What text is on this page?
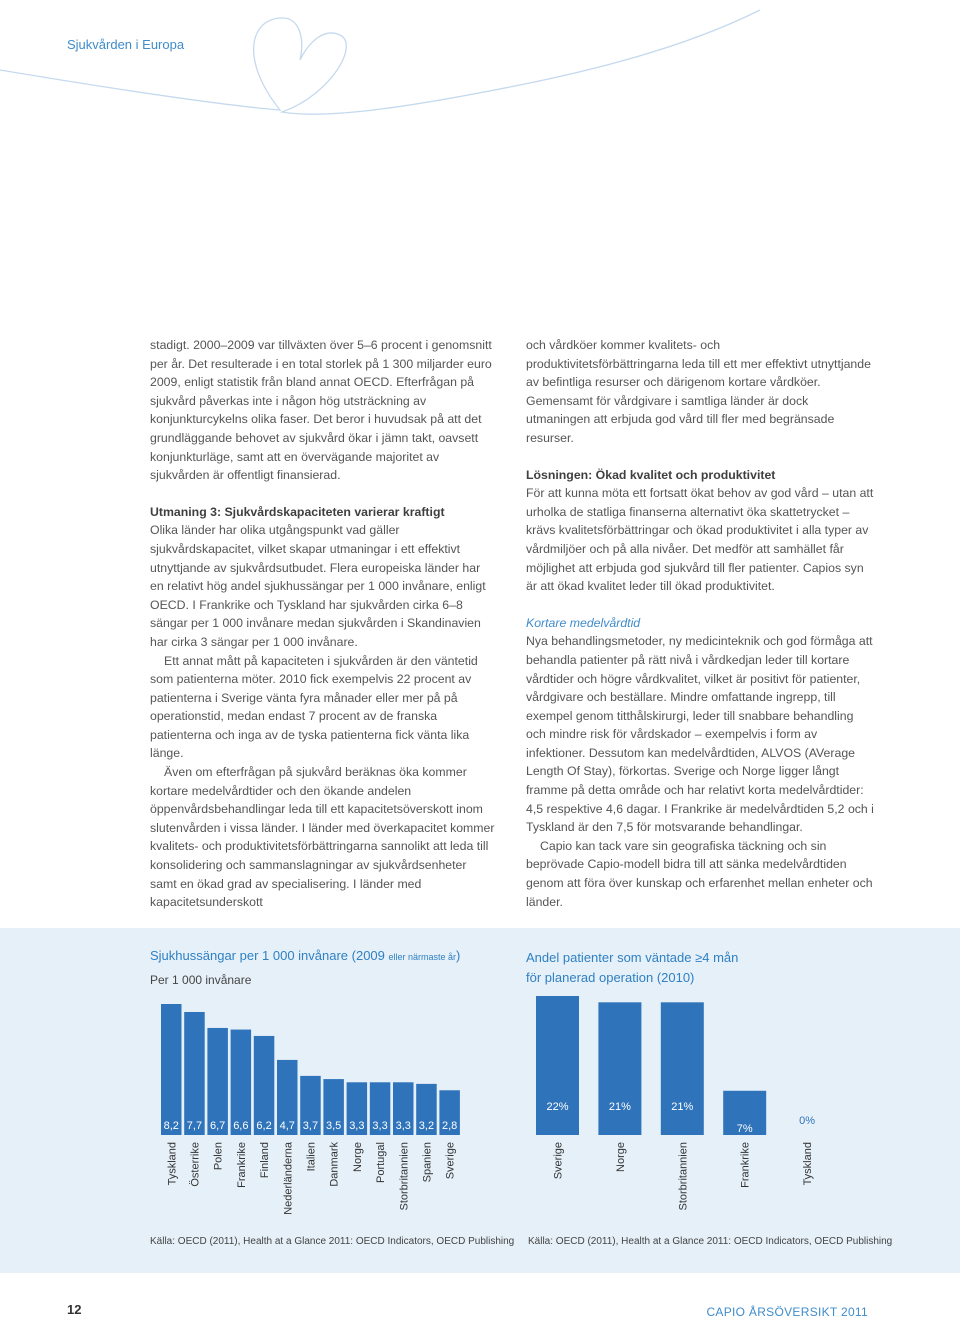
Sjukvården i Europa

stadigt. 2000–2009 var tillväxten över 5–6 procent i genomsnitt per år. Det resulterade i en total storlek på 1 300 miljarder euro 2009, enligt statistik från bland annat OECD. Efterfrågan på sjukvård påverkas inte i någon hög utsträckning av konjunkturcykelns olika faser. Det beror i huvudsak på att det grundläggande behovet av sjukvård ökar i jämn takt, oavsett konjunkturläge, samt att en övervägande majoritet av sjukvården är offentligt finansierad.

Utmaning 3: Sjukvårdskapaciteten varierar kraftigt

Olika länder har olika utgångspunkt vad gäller sjukvårdskapacitet, vilket skapar utmaningar i ett effektivt utnyttjande av sjukvårdsutbudet. Flera europeiska länder har en relativt hög andel sjukhussängar per 1 000 invånare, enligt OECD. I Frankrike och Tyskland har sjukvården cirka 6–8 sängar per 1 000 invånare medan sjukvården i Skandinavien har cirka 3 sängar per 1 000 invånare.

Ett annat mått på kapaciteten i sjukvården är den väntetid som patienterna möter. 2010 fick exempelvis 22 procent av patienterna i Sverige vänta fyra månader eller mer på på operationstid, medan endast 7 procent av de franska patienterna och inga av de tyska patienterna fick vänta lika länge.

Även om efterfrågan på sjukvård beräknas öka kommer kortare medelvårdtider och den ökande andelen öppenvårdsbehandlingar leda till ett kapacitetsöverskott inom slutenvården i vissa länder. I länder med överkapacitet kommer kvalitets- och produktivitetsförbättringarna sannolikt att leda till konsolidering och sammanslagningar av sjukvårdsenheter samt en ökad grad av specialisering. I länder med kapacitetsunderskott

och vårdköer kommer kvalitets- och produktivitetsförbättringarna leda till ett mer effektivt utnyttjande av befintliga resurser och därigenom kortare vårdköer. Gemensamt för vårdgivare i samtliga länder är dock utmaningen att erbjuda god vård till fler med begränsade resurser.

Lösningen: Ökad kvalitet och produktivitet

För att kunna möta ett fortsatt ökat behov av god vård – utan att urholka de statliga finanserna alternativt öka skattetrycket – krävs kvalitetsförbättringar och ökad produktivitet i alla typer av vårdmiljöer och på alla nivåer. Det medför att samhället får möjlighet att erbjuda god sjukvård till fler patienter. Capios syn är att ökad kvalitet leder till ökad produktivitet.

Kortare medelvårdtid

Nya behandlingsmetoder, ny medicinteknik och god förmåga att behandla patienter på rätt nivå i vårdkedjan leder till kortare vårdtider och högre vårdkvalitet, vilket är positivt för patienter, vårdgivare och beställare. Mindre omfattande ingrepp, till exempel genom titthålskirurgi, leder till snabbare behandling och mindre risk för vårdskador – exempelvis i form av infektioner. Dessutom kan medelvårdtiden, ALVOS (AVerage Length Of Stay), förkortas. Sverige och Norge ligger långt framme på detta område och har relativt korta medelvårdtider: 4,5 respektive 4,6 dagar. I Frankrike är medelvårdtiden 5,2 och i Tyskland är den 7,5 för motsvarande behandlingar.

Capio kan tack vare sin geografiska täckning och sin beprövade Capio-modell bidra till att sänka medelvårdtiden genom att föra över kunskap och erfarenhet mellan enheter och länder.

Sjukhussängar per 1 000 invånare (2009 eller närmaste år)
Per 1 000 invånare
8,2
Tyskland
7,7
Österrike
6,7
Polen
6,6
Frankrike
6,2
Finland
4,7
Nederländerna
3,7
Italien
3,5
Danmark
3,3
Norge
3,3
Portugal
3,3
Storbritannien
3,2
Spanien
2,8
Sverige
Källa: OECD (2011), Health at a Glance 2011: OECD Indicators, OECD Publishing
Andel patienter som väntade ≥4 mån
för planerad operation (2010)
22%
Sverige
21%
Norge
21%
Storbritannien
7%
Frankrike
0%
Tyskland
Källa: OECD (2011), Health at a Glance 2011: OECD Indicators, OECD Publishing
12	CAPIO ÅRSÖVERSIKT 2011
